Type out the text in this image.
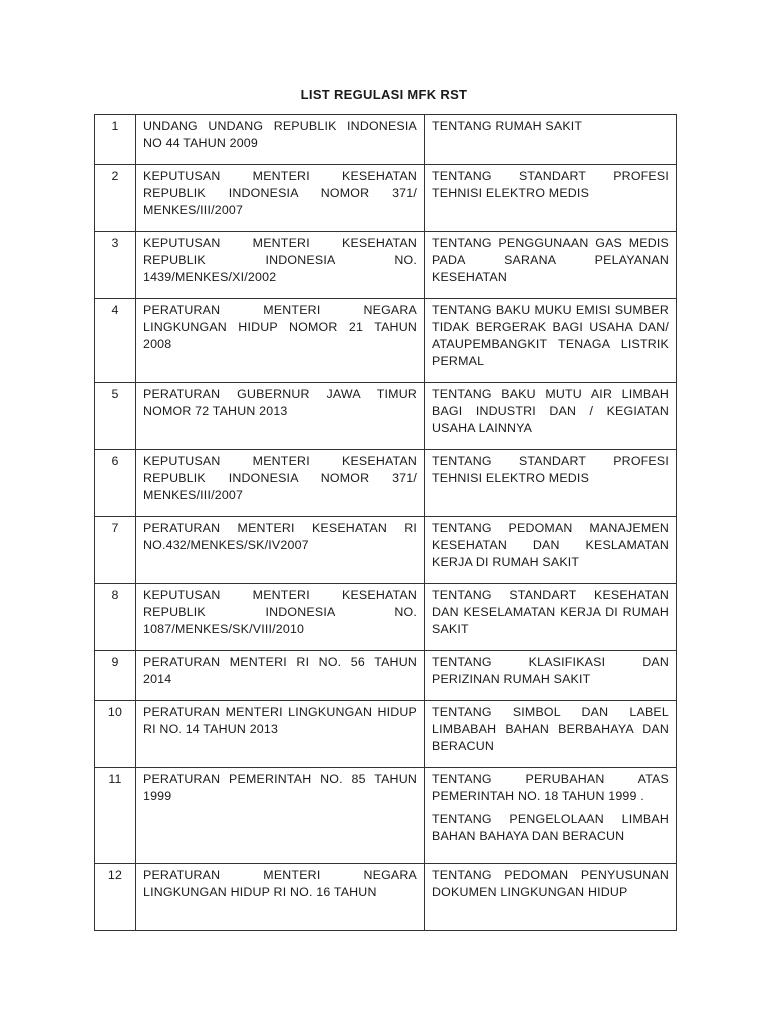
LIST REGULASI MFK RST
1	UNDANG UNDANG REPUBLIK INDONESIA NO 44 TAHUN 2009	TENTANG RUMAH SAKIT

2	KEPUTUSAN MENTERI KESEHATAN REPUBLIK INDONESIA NOMOR 371/ MENKES/III/2007	TENTANG STANDART PROFESI TEHNISI ELEKTRO MEDIS

3	KEPUTUSAN MENTERI KESEHATAN REPUBLIK INDONESIA NO. 1439/MENKES/XI/2002	TENTANG PENGGUNAAN GAS MEDIS PADA SARANA PELAYANAN KESEHATAN

4	PERATURAN MENTERI NEGARA LINGKUNGAN HIDUP NOMOR 21 TAHUN 2008	TENTANG BAKU MUKU EMISI SUMBER TIDAK BERGERAK BAGI USAHA DAN/ ATAUPEMBANGKIT TENAGA LISTRIK PERMAL

5	PERATURAN GUBERNUR JAWA TIMUR NOMOR 72 TAHUN 2013	TENTANG BAKU MUTU AIR LIMBAH BAGI INDUSTRI DAN / KEGIATAN USAHA LAINNYA

6	KEPUTUSAN MENTERI KESEHATAN REPUBLIK INDONESIA NOMOR 371/ MENKES/III/2007	TENTANG STANDART PROFESI TEHNISI ELEKTRO MEDIS

7	PERATURAN MENTERI KESEHATAN RI NO.432/MENKES/SK/IV2007	TENTANG PEDOMAN MANAJEMEN KESEHATAN DAN KESLAMATAN KERJA DI RUMAH SAKIT

8	KEPUTUSAN MENTERI KESEHATAN REPUBLIK INDONESIA NO. 1087/MENKES/SK/VIII/2010	TENTANG STANDART KESEHATAN DAN KESELAMATAN KERJA DI RUMAH SAKIT

9	PERATURAN MENTERI RI NO. 56 TAHUN 2014	TENTANG KLASIFIKASI DAN PERIZINAN RUMAH SAKIT

10	PERATURAN MENTERI LINGKUNGAN HIDUP RI NO. 14 TAHUN 2013	TENTANG SIMBOL DAN LABEL LIMBABAH BAHAN BERBAHAYA DAN BERACUN

11	PERATURAN PEMERINTAH NO. 85 TAHUN 1999	TENTANG PERUBAHAN ATAS PEMERINTAH NO. 18 TAHUN 1999 .
TENTANG PENGELOLAAN LIMBAH BAHAN BAHAYA DAN BERACUN

12	PERATURAN MENTERI NEGARA LINGKUNGAN HIDUP RI NO. 16 TAHUN	TENTANG PEDOMAN PENYUSUNAN DOKUMEN LINGKUNGAN HIDUP
